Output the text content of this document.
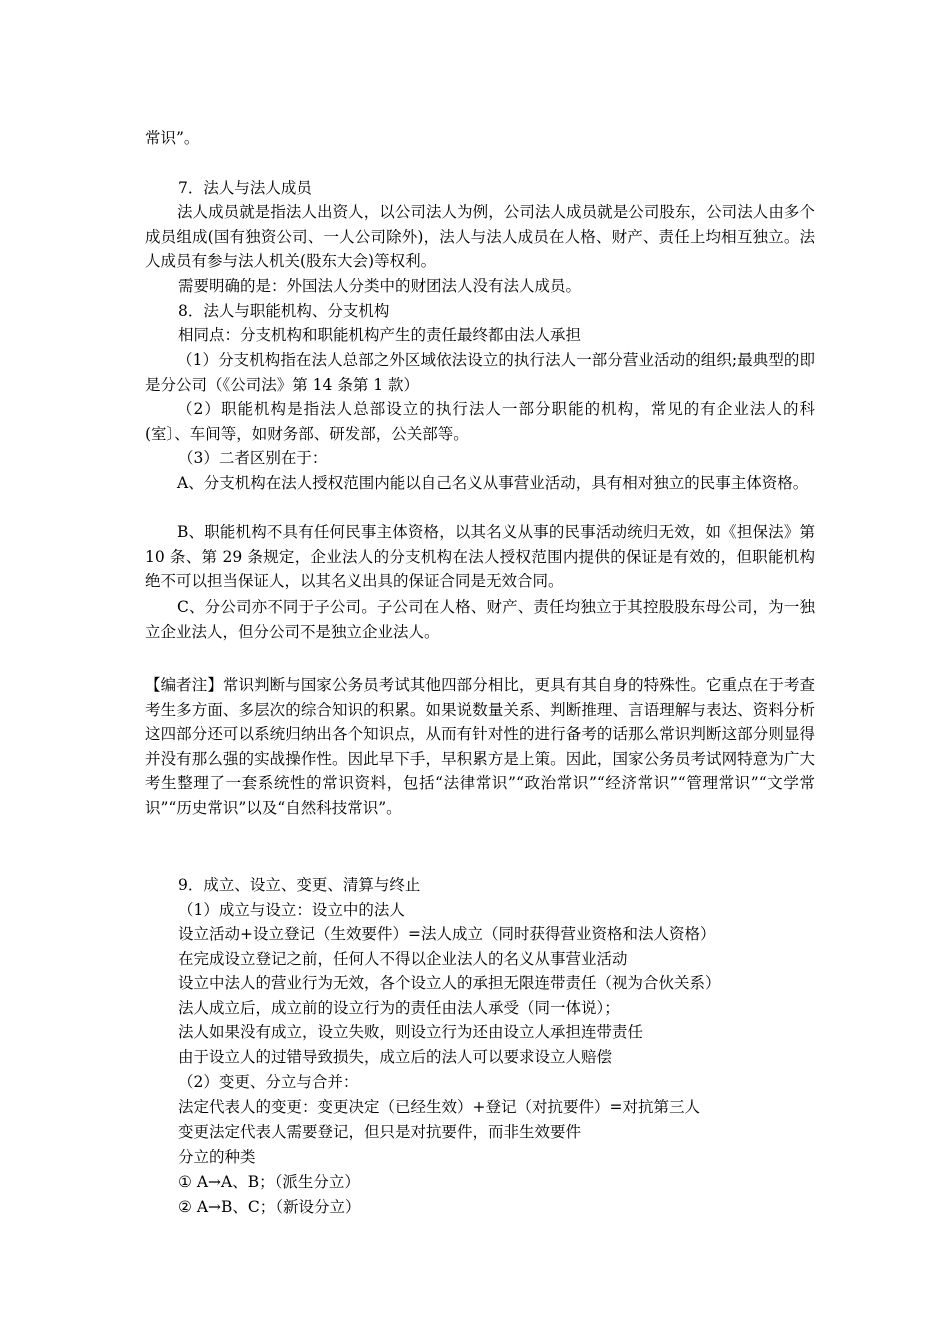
常识”。

7．法人与法人成员

法人成员就是指法人出资人，以公司法人为例，公司法人成员就是公司股东，公司法人由多个成员组成(国有独资公司、一人公司除外)，法人与法人成员在人格、财产、责任上均相互独立。法人成员有参与法人机关(股东大会)等权利。

需要明确的是：外国法人分类中的财团法人没有法人成员。

8．法人与职能机构、分支机构

相同点：分支机构和职能机构产生的责任最终都由法人承担

（1）分支机构指在法人总部之外区域依法设立的执行法人一部分营业活动的组织;最典型的即是分公司（《公司法》第 14 条第 1 款）

（2）职能机构是指法人总部设立的执行法人一部分职能的机构，常见的有企业法人的科(室〕、车间等，如财务部、研发部，公关部等。

（3）二者区别在于：

A、分支机构在法人授权范围内能以自己名义从事营业活动，具有相对独立的民事主体资格。

B、职能机构不具有任何民事主体资格，以其名义从事的民事活动统归无效，如《担保法》第 10 条、第 29 条规定，企业法人的分支机构在法人授权范围内提供的保证是有效的，但职能机构绝不可以担当保证人，以其名义出具的保证合同是无效合同。

C、分公司亦不同于子公司。子公司在人格、财产、责任均独立于其控股股东母公司，为一独立企业法人，但分公司不是独立企业法人。

【编者注】常识判断与国家公务员考试其他四部分相比，更具有其自身的特殊性。它重点在于考查考生多方面、多层次的综合知识的积累。如果说数量关系、判断推理、言语理解与表达、资料分析这四部分还可以系统归纳出各个知识点，从而有针对性的进行备考的话那么常识判断这部分则显得并没有那么强的实战操作性。因此早下手，早积累方是上策。因此，国家公务员考试网特意为广大考生整理了一套系统性的常识资料，包括“法律常识”“政治常识”“经济常识”“管理常识”“文学常识”“历史常识”以及“自然科技常识”。

9．成立、设立、变更、清算与终止

（1）成立与设立：设立中的法人

设立活动+设立登记（生效要件）=法人成立（同时获得营业资格和法人资格）

在完成设立登记之前，任何人不得以企业法人的名义从事营业活动

设立中法人的营业行为无效，各个设立人的承担无限连带责任（视为合伙关系）

法人成立后，成立前的设立行为的责任由法人承受（同一体说）；

法人如果没有成立，设立失败，则设立行为还由设立人承担连带责任

由于设立人的过错导致损失，成立后的法人可以要求设立人赔偿

（2）变更、分立与合并：

法定代表人的变更：变更决定（已经生效）+登记（对抗要件）=对抗第三人

变更法定代表人需要登记，但只是对抗要件，而非生效要件

分立的种类

① A→A、B；（派生分立）

② A→B、C；（新设分立）
